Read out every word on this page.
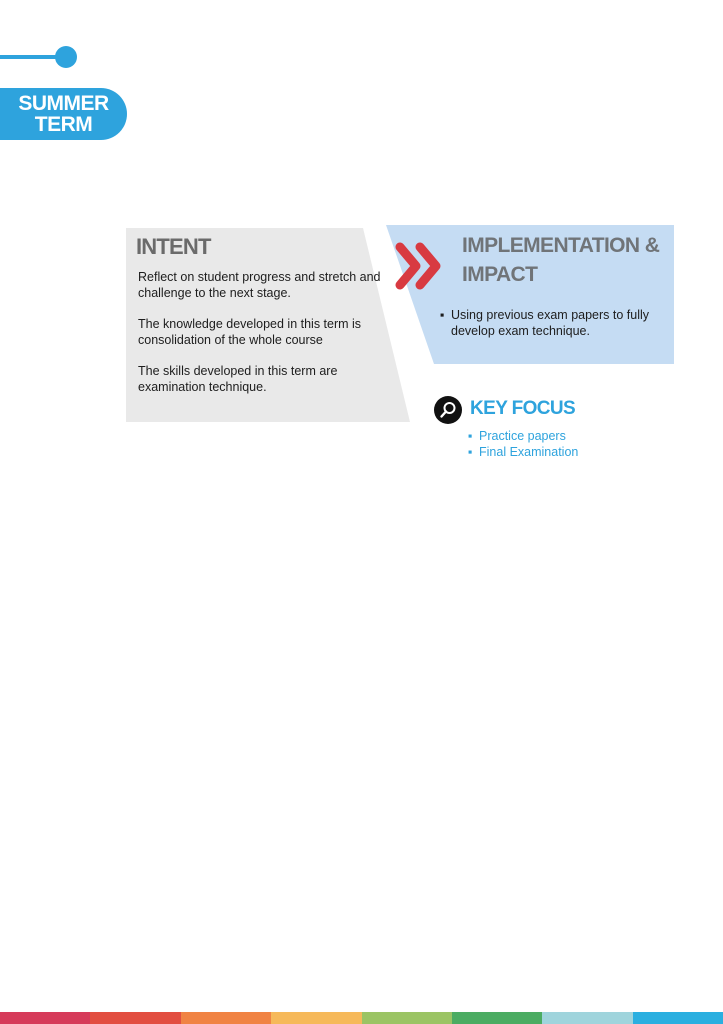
SUMMER
TERM
INTENT

Reflect on student progress and stretch and challenge to the next stage.

The knowledge developed in this term is consolidation of the whole course

The skills developed in this term are examination technique.

IMPLEMENTATION & IMPACT
▪ Using previous exam papers to fully develop exam technique.
KEY FOCUS
▪ Practice papers
▪ Final Examination
